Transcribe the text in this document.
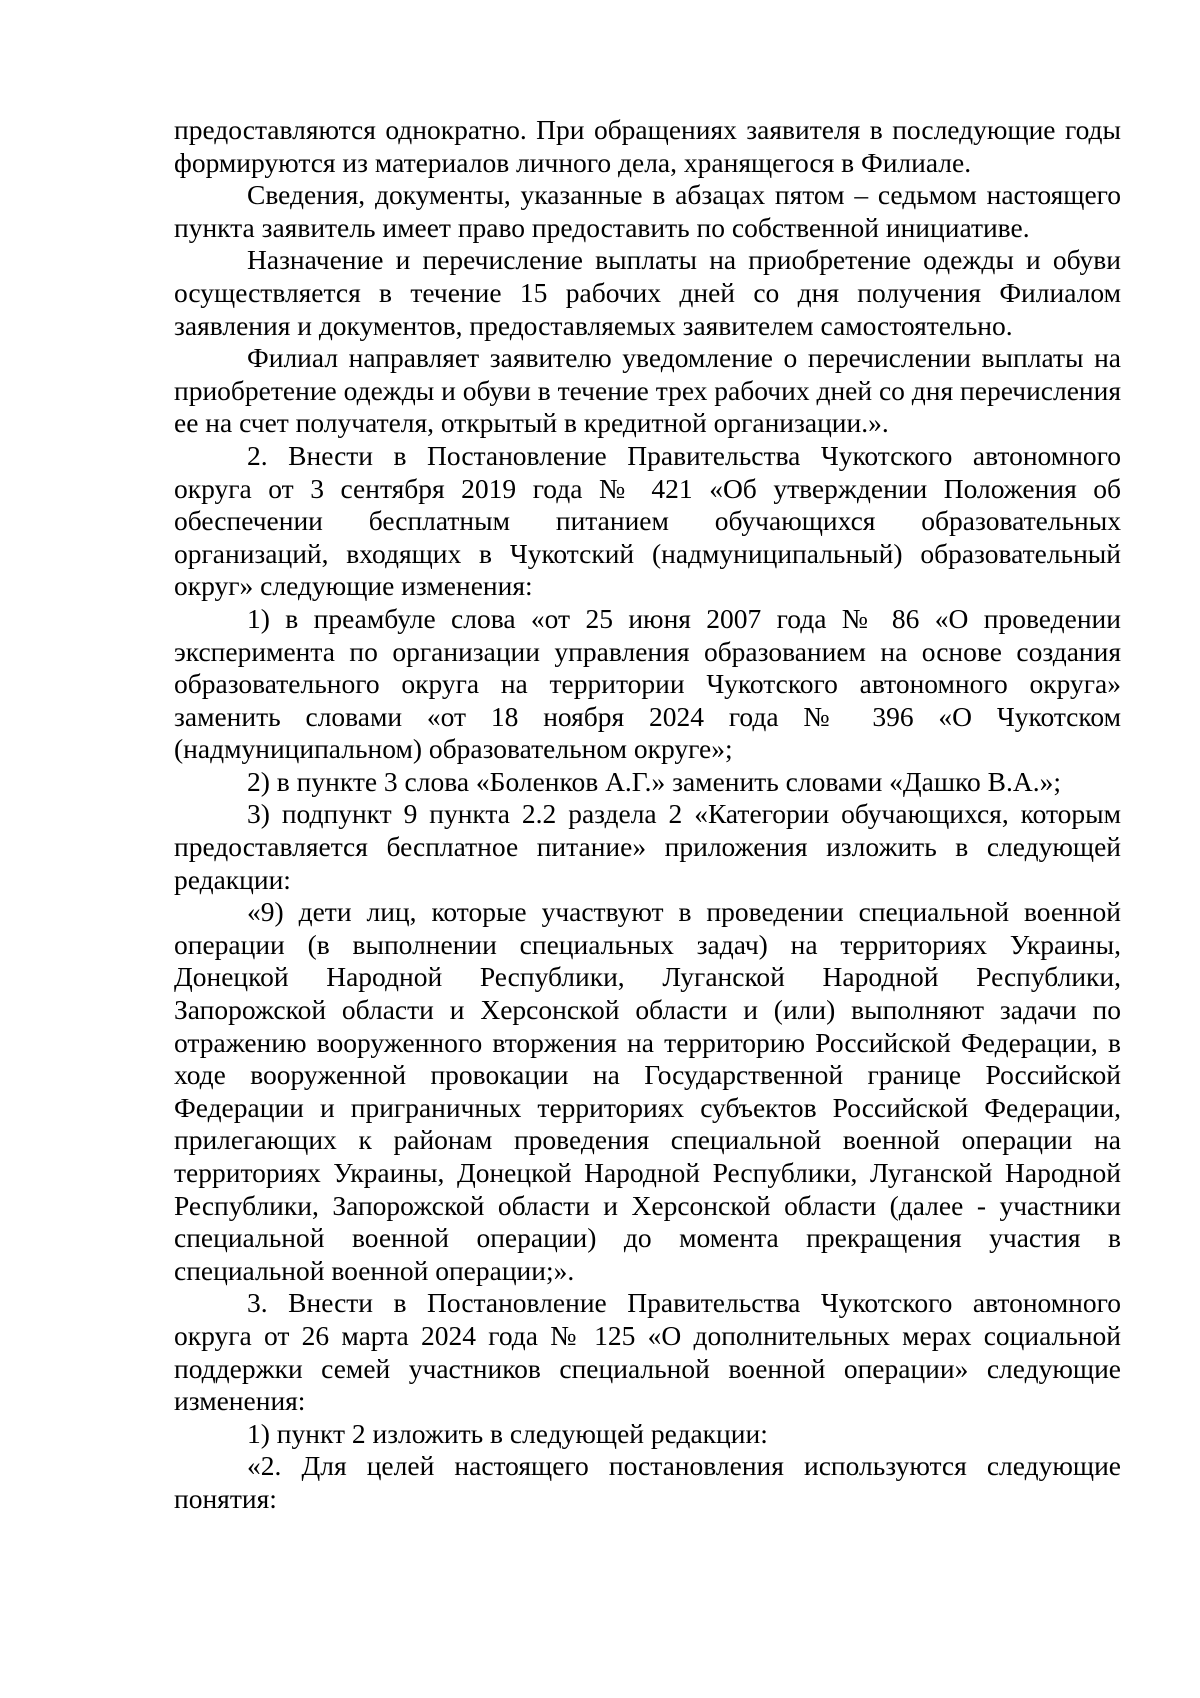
предоставляются однократно. При обращениях заявителя в последующие годы формируются из материалов личного дела, хранящегося в Филиале.

Сведения, документы, указанные в абзацах пятом – седьмом настоящего пункта заявитель имеет право предоставить по собственной инициативе.

Назначение и перечисление выплаты на приобретение одежды и обуви осуществляется в течение 15 рабочих дней со дня получения Филиалом заявления и документов, предоставляемых заявителем самостоятельно.

Филиал направляет заявителю уведомление о перечислении выплаты на приобретение одежды и обуви в течение трех рабочих дней со дня перечисления ее на счет получателя, открытый в кредитной организации.».

2. Внести в Постановление Правительства Чукотского автономного округа от 3 сентября 2019 года № 421 «Об утверждении Положения об обеспечении бесплатным питанием обучающихся образовательных организаций, входящих в Чукотский (надмуниципальный) образовательный округ» следующие изменения:

1) в преамбуле слова «от 25 июня 2007 года № 86 «О проведении эксперимента по организации управления образованием на основе создания образовательного округа на территории Чукотского автономного округа» заменить словами «от 18 ноября 2024 года № 396 «О Чукотском (надмуниципальном) образовательном округе»;

2) в пункте 3 слова «Боленков А.Г.» заменить словами «Дашко В.А.»;

3) подпункт 9 пункта 2.2 раздела 2 «Категории обучающихся, которым предоставляется бесплатное питание» приложения изложить в следующей редакции:

«9) дети лиц, которые участвуют в проведении специальной военной операции (в выполнении специальных задач) на территориях Украины, Донецкой Народной Республики, Луганской Народной Республики, Запорожской области и Херсонской области и (или) выполняют задачи по отражению вооруженного вторжения на территорию Российской Федерации, в ходе вооруженной провокации на Государственной границе Российской Федерации и приграничных территориях субъектов Российской Федерации, прилегающих к районам проведения специальной военной операции на территориях Украины, Донецкой Народной Республики, Луганской Народной Республики, Запорожской области и Херсонской области (далее - участники специальной военной операции) до момента прекращения участия в специальной военной операции;».

3. Внести в Постановление Правительства Чукотского автономного округа от 26 марта 2024 года № 125 «О дополнительных мерах социальной поддержки семей участников специальной военной операции» следующие изменения:

1) пункт 2 изложить в следующей редакции:

«2. Для целей настоящего постановления используются следующие понятия:
